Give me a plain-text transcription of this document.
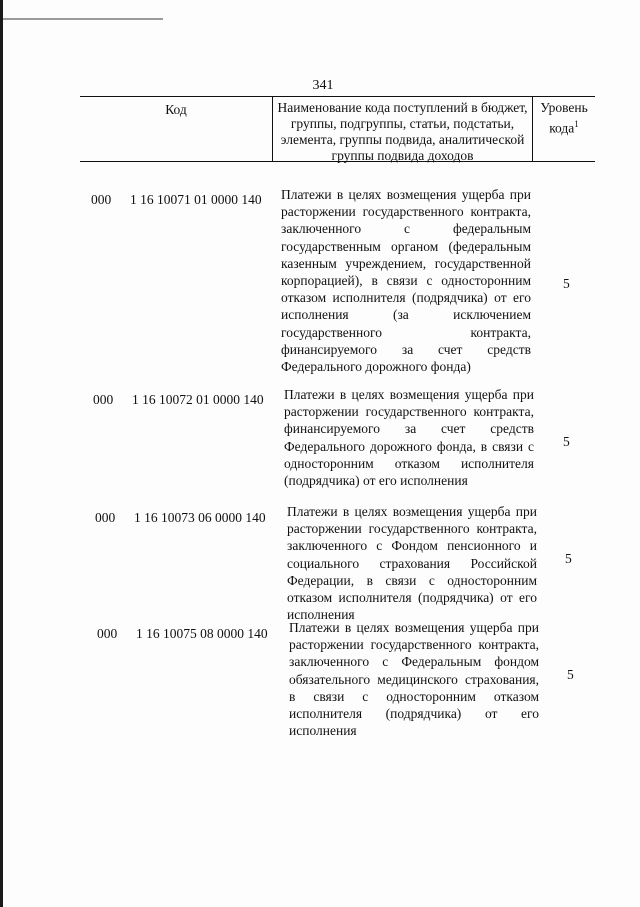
341
Код	Наименование кода поступлений в бюджет, группы, подгруппы, статьи, подстатьи, элемента, группы подвида, аналитической группы подвида доходов
Уровень кода$^1$
000 1 16 10071 01 0000 140 Платежи в целях возмещения ущерба при расторжении государственного контракта, заключенного с федеральным государственным органом (федеральным казенным учреждением, государственной корпорацией), в связи с односторонним отказом исполнителя (подрядчика) от его исполнения (за исключением государственного контракта, финансируемого за счет средств Федерального дорожного фонда)
5
000 1 16 10072 01 0000 140 Платежи в целях возмещения ущерба при расторжении государственного контракта, финансируемого за счет средств Федерального дорожного фонда, в связи с односторонним отказом исполнителя (подрядчика) от его исполнения
5
000 1 16 10073 06 0000 140 Платежи в целях возмещения ущерба при расторжении государственного контракта, заключенного с Фондом пенсионного и социального страхования Российской Федерации, в связи с односторонним отказом исполнителя (подрядчика) от его исполнения
5
000 1 16 10075 08 0000 140 Платежи в целях возмещения ущерба при расторжении государственного контракта, заключенного с Федеральным фондом обязательного медицинского страхования, в связи с односторонним отказом исполнителя (подрядчика) от его исполнения
5
